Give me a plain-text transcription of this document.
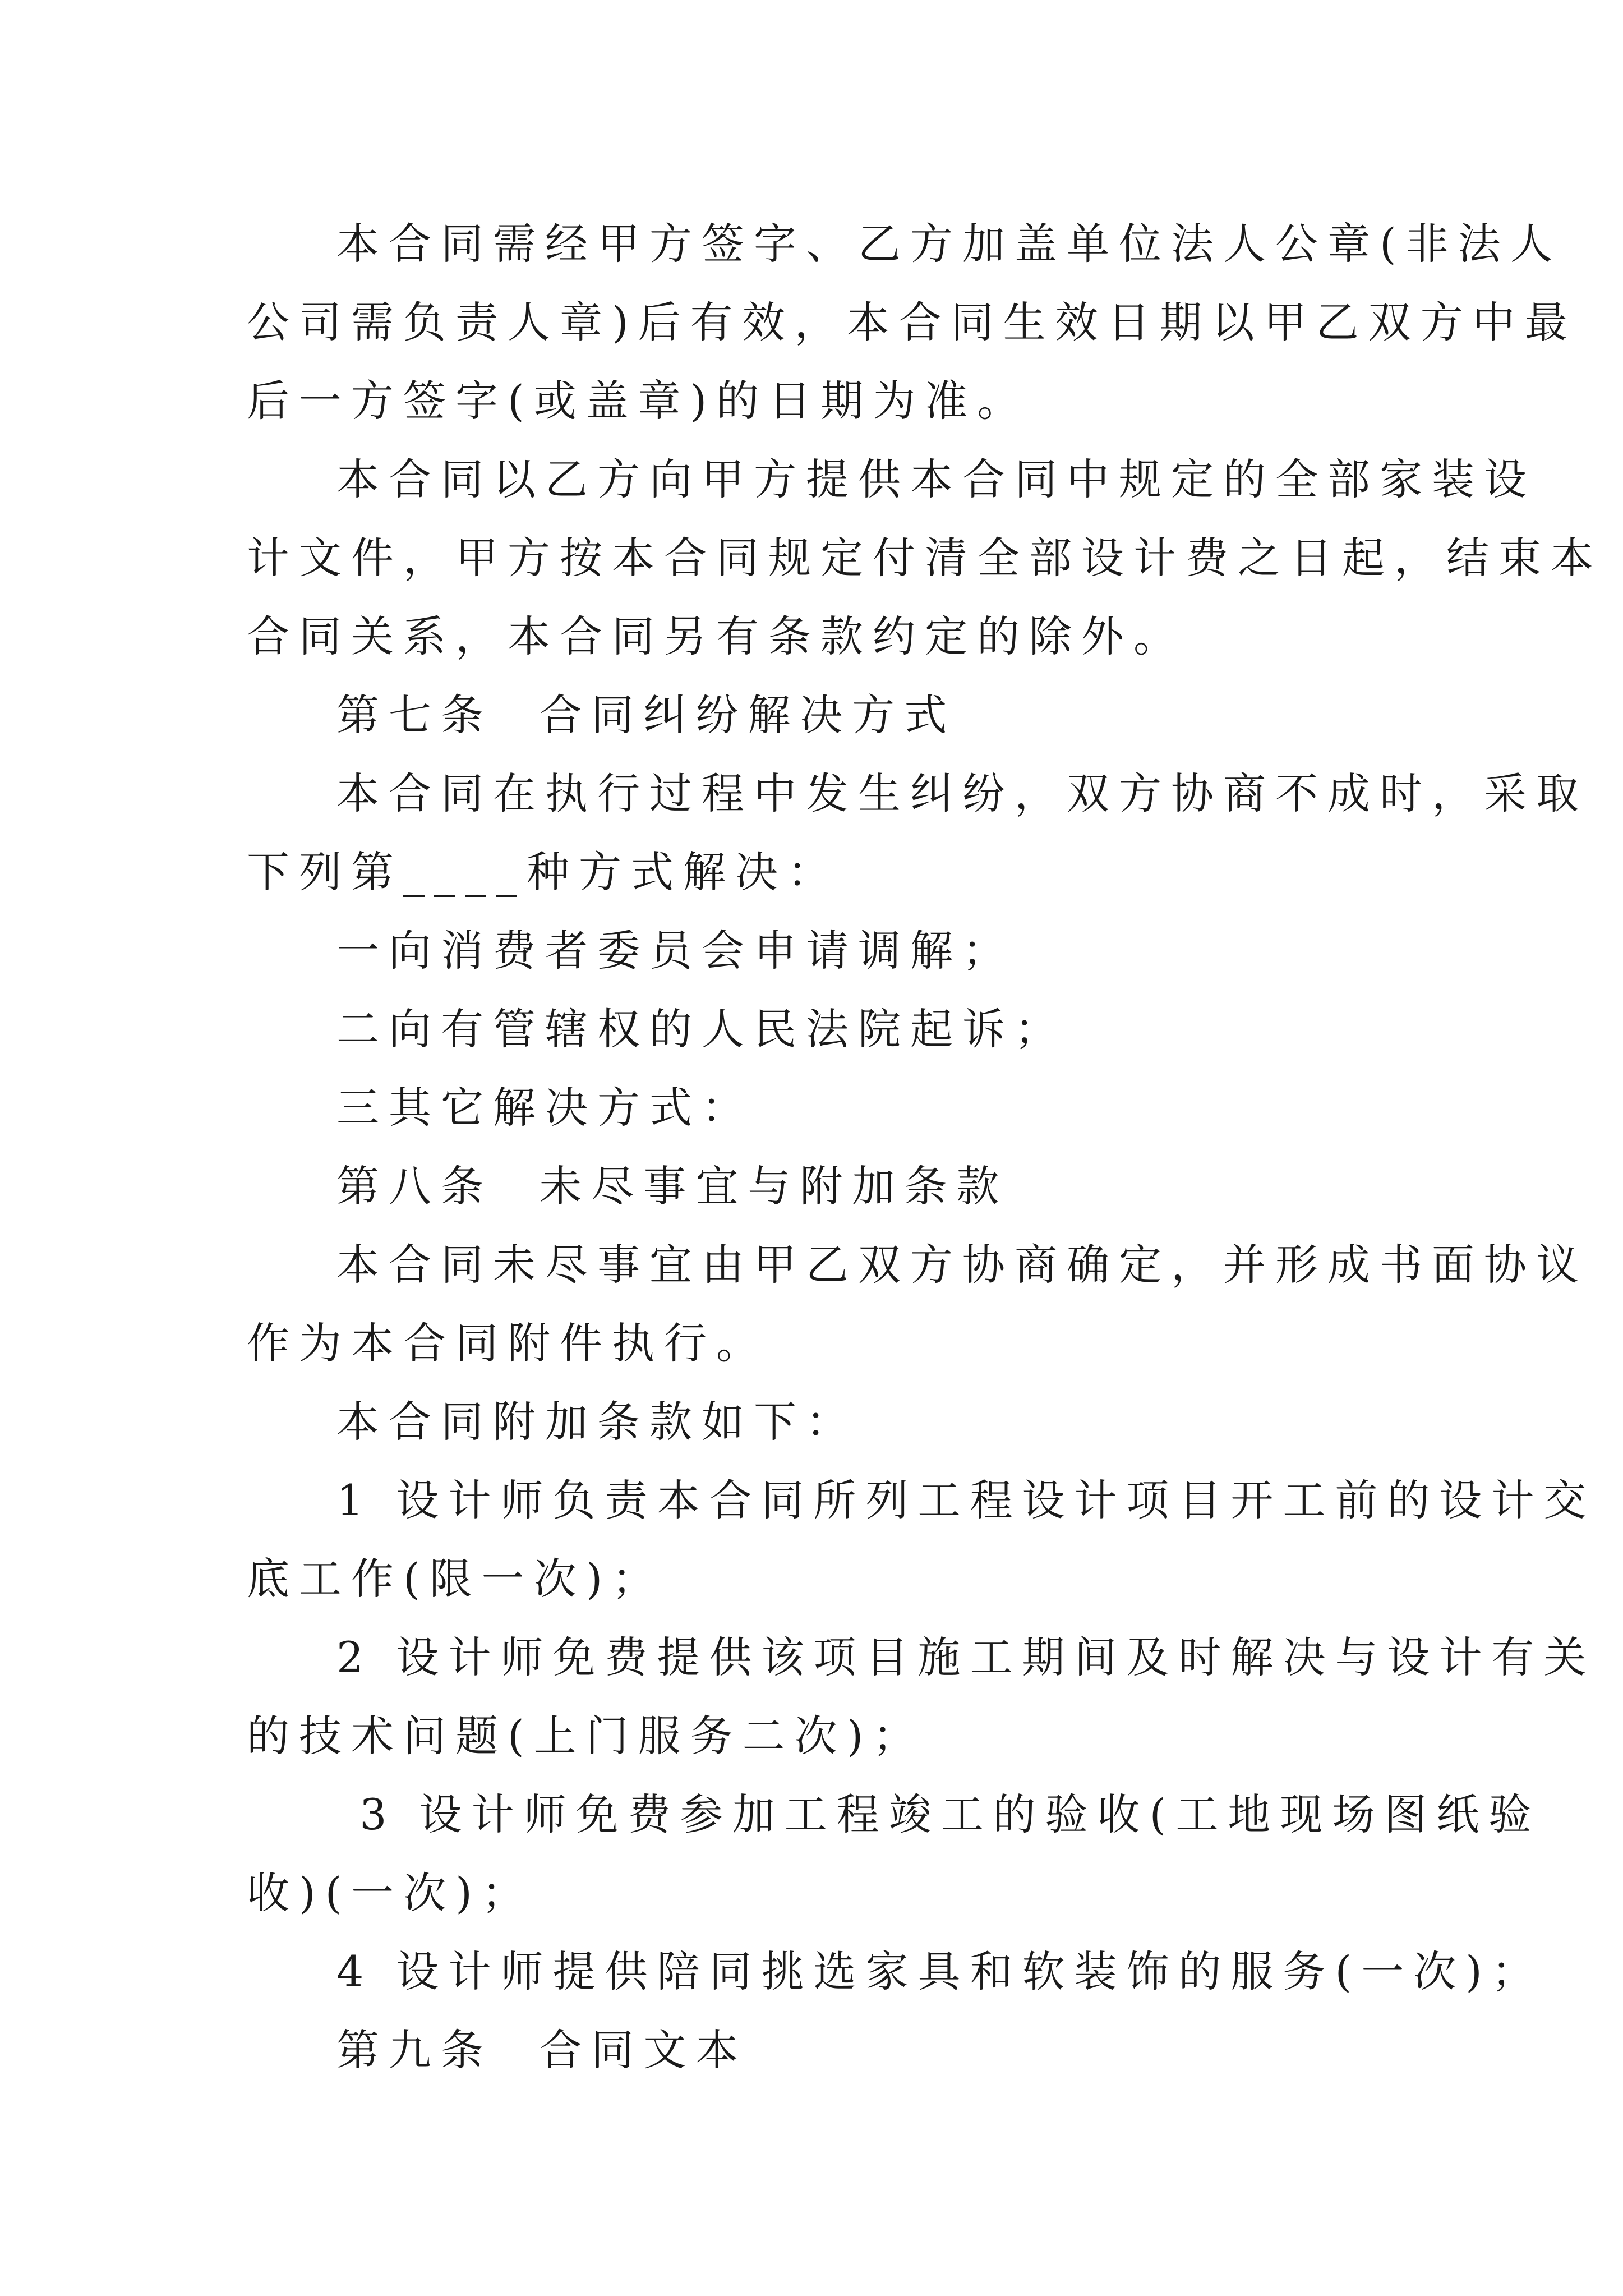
本合同需经甲方签字、乙方加盖单位法人公章(非法人
公司需负责人章)后有效，本合同生效日期以甲乙双方中最
后一方签字(或盖章)的日期为准。
本合同以乙方向甲方提供本合同中规定的全部家装设
计文件，甲方按本合同规定付清全部设计费之日起，结束本
合同关系，本合同另有条款约定的除外。
第七条  合同纠纷解决方式
本合同在执行过程中发生纠纷，双方协商不成时，采取
下列第____种方式解决：
一向消费者委员会申请调解；
二向有管辖权的人民法院起诉；
三其它解决方式：
第八条  未尽事宜与附加条款
本合同未尽事宜由甲乙双方协商确定，并形成书面协议
作为本合同附件执行。
本合同附加条款如下：
1 设计师负责本合同所列工程设计项目开工前的设计交
底工作(限一次)；
2 设计师免费提供该项目施工期间及时解决与设计有关
的技术问题(上门服务二次)；
3 设计师免费参加工程竣工的验收(工地现场图纸验
收)(一次)；
4 设计师提供陪同挑选家具和软装饰的服务(一次)；
第九条  合同文本
